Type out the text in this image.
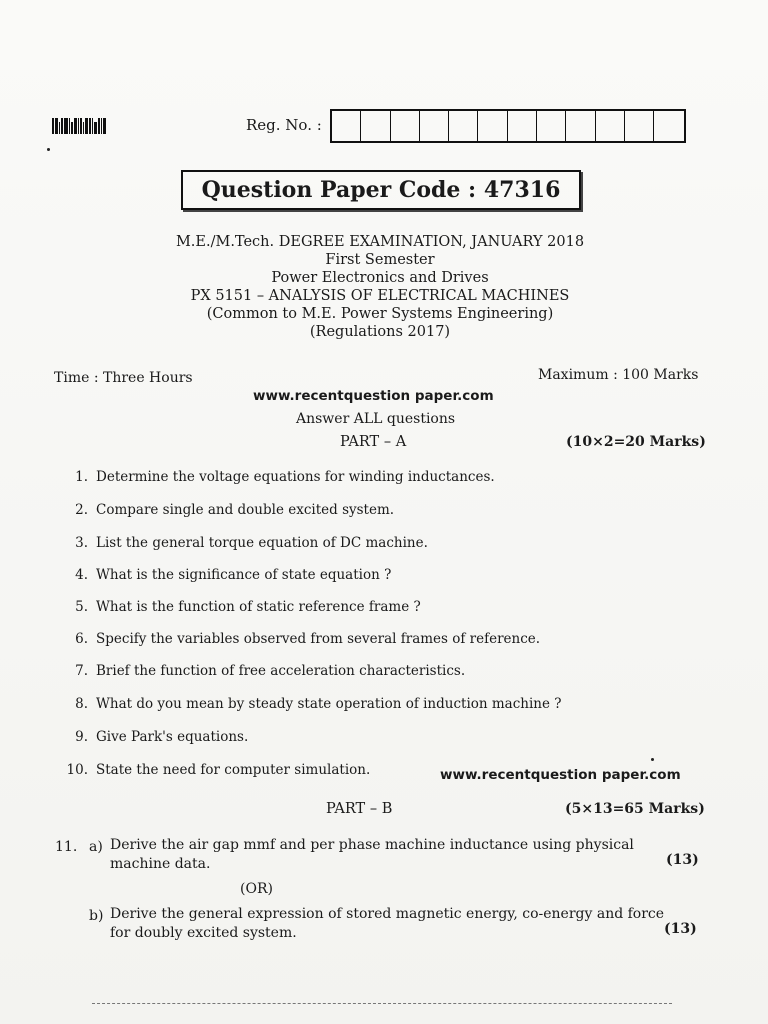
Reg. No. :
Question Paper Code : 47316
M.E./M.Tech. DEGREE EXAMINATION, JANUARY 2018
First Semester
Power Electronics and Drives
PX 5151 – ANALYSIS OF ELECTRICAL MACHINES
(Common to M.E. Power Systems Engineering)
(Regulations 2017)
Time : Three Hours	Maximum : 100 Marks
www.recentquestion paper.com
Answer ALL questions
PART – A	(10×2=20 Marks)
1. Determine the voltage equations for winding inductances.
2. Compare single and double excited system.
3. List the general torque equation of DC machine.
4. What is the significance of state equation ?
5. What is the function of static reference frame ?
6. Specify the variables observed from several frames of reference.
7. Brief the function of free acceleration characteristics.
8. What do you mean by steady state operation of induction machine ?
9. Give Park's equations.
10. State the need for computer simulation.	www.recentquestion paper.com
PART – B	(5×13=65 Marks)
11. a) Derive the air gap mmf and per phase machine inductance using physical
machine data.	(13)
(OR)
b) Derive the general expression of stored magnetic energy, co-energy and force
for doubly excited system.	(13)
